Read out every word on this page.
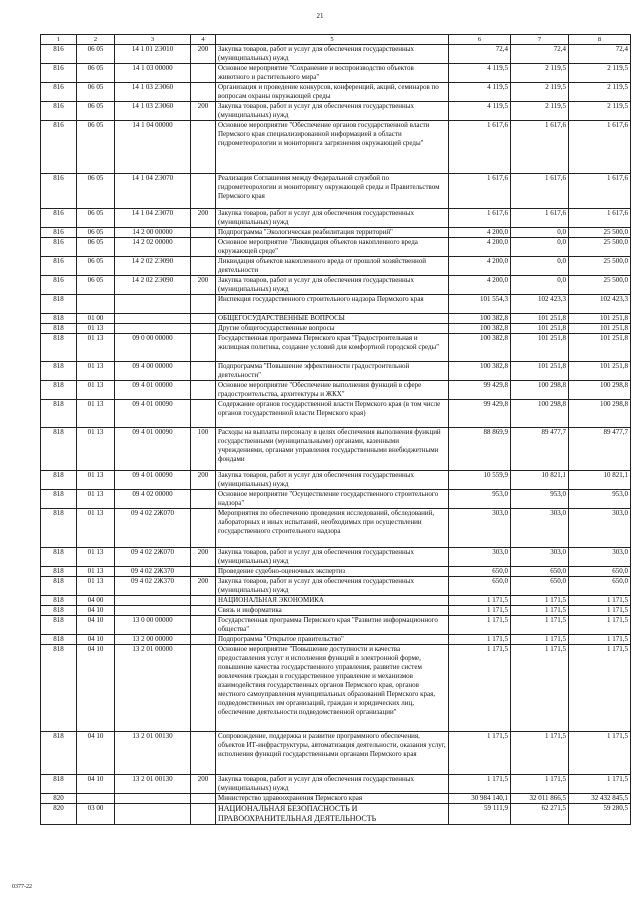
21
1	2	3	4	5	6	7	8
816	06 05	14 1 01 2Э010	200	Закупка товаров, работ и услуг для обеспечения государственных (муниципальных) нужд	72,4	72,4	72,4
816	06 05	14 1 03 00000		Основное мероприятие "Сохранение и воспроизводство объектов животного и растительного мира"	4 119,5	2 119,5	2 119,5
816	06 05	14 1 03 2Э060		Организация и проведение конкурсов, конференций, акций, семинаров по вопросам охраны окружающей среды	4 119,5	2 119,5	2 119,5
816	06 05	14 1 03 2Э060	200	Закупка товаров, работ и услуг для обеспечения государственных (муниципальных) нужд	4 119,5	2 119,5	2 119,5
816	06 05	14 1 04 00000		Основное мероприятие "Обеспечение органов государственной власти Пермского края специализированной информацией в области гидрометеорологии и мониторинга загрязнения окружающей среды"	1 617,6	1 617,6	1 617,6
816	06 05	14 1 04 2Э070		Реализация Соглашения между Федеральной службой по гидрометеорологии и мониторингу окружающей среды и Правительством Пермского края	1 617,6	1 617,6	1 617,6
816	06 05	14 1 04 2Э070	200	Закупка товаров, работ и услуг для обеспечения государственных (муниципальных) нужд	1 617,6	1 617,6	1 617,6
816	06 05	14 2 00 00000		Подпрограмма "Экологическая реабилитация территорий"	4 200,0	0,0	25 500,0
816	06 05	14 2 02 00000		Основное мероприятие "Ликвидация объектов накопленного вреда окружающей среде"	4 200,0	0,0	25 500,0
816	06 05	14 2 02 2Э090		Ликвидация объектов накопленного вреда от прошлой хозяйственной деятельности	4 200,0	0,0	25 500,0
816	06 05	14 2 02 2Э090	200	Закупка товаров, работ и услуг для обеспечения государственных (муниципальных) нужд	4 200,0	0,0	25 500,0
818				Инспекция государственного строительного надзора Пермского края	101 554,3	102 423,3	102 423,3
818	01 00			ОБЩЕГОСУДАРСТВЕННЫЕ ВОПРОСЫ	100 382,8	101 251,8	101 251,8
818	01 13			Другие общегосударственные вопросы	100 382,8	101 251,8	101 251,8
818	01 13	09 0 00 00000		Государственная программа Пермского края "Градостроительная и жилищная политика, создание условий для комфортной городской среды"	100 382,8	101 251,8	101 251,8
818	01 13	09 4 00 00000		Подпрограмма "Повышение эффективности градостроительной деятельности"	100 382,8	101 251,8	101 251,8
818	01 13	09 4 01 00000		Основное мероприятие "Обеспечение выполнения функций в сфере градостроительства, архитектуры и ЖКХ"	99 429,8	100 298,8	100 298,8
818	01 13	09 4 01 00090		Содержание органов государственной власти Пермского края (в том числе органов государственной власти Пермского края)	99 429,8	100 298,8	100 298,8
818	01 13	09 4 01 00090	100	Расходы на выплаты персоналу в целях обеспечения выполнения функций государственными (муниципальными) органами, казенными учреждениями, органами управления государственными внебюджетными фондами	88 869,9	89 477,7	89 477,7
818	01 13	09 4 01 00090	200	Закупка товаров, работ и услуг для обеспечения государственных (муниципальных) нужд	10 559,9	10 821,1	10 821,1
818	01 13	09 4 02 00000		Основное мероприятие "Осуществление государственного строительного надзора"	953,0	953,0	953,0
818	01 13	09 4 02 2Ж070		Мероприятия по обеспечению проведения исследований, обследований, лабораторных и иных испытаний, необходимых при осуществлении государственного строительного надзора	303,0	303,0	303,0
818	01 13	09 4 02 2Ж070	200	Закупка товаров, работ и услуг для обеспечения государственных (муниципальных) нужд	303,0	303,0	303,0
818	01 13	09 4 02 2Ж370		Проведение судебно-оценочных экспертиз	650,0	650,0	650,0
818	01 13	09 4 02 2Ж370	200	Закупка товаров, работ и услуг для обеспечения государственных (муниципальных) нужд	650,0	650,0	650,0
818	04 00			НАЦИОНАЛЬНАЯ ЭКОНОМИКА	1 171,5	1 171,5	1 171,5
818	04 10			Связь и информатика	1 171,5	1 171,5	1 171,5
818	04 10	13 0 00 00000		Государственная программа Пермского края "Развитие информационного общества"	1 171,5	1 171,5	1 171,5
818	04 10	13 2 00 00000		Подпрограмма "Открытое правительство"	1 171,5	1 171,5	1 171,5
818	04 10	13 2 01 00000		Основное мероприятие "Повышение доступности и качества предоставления услуг и исполнения функций в электронной форме, повышение качества государственного управления, развитие систем вовлечения граждан в государственное управление и механизмов взаимодействия государственных органов Пермского края, органов местного самоуправления муниципальных образований Пермского края, подведомственных им организаций, граждан и юридических лиц, обеспечение деятельности подведомственной организации"	1 171,5	1 171,5	1 171,5
818	04 10	13 2 01 00130		Сопровождение, поддержка и развитие программного обеспечения, объектов ИТ-инфраструктуры, автоматизация деятельности, оказания услуг, исполнения функций государственными органами Пермского края	1 171,5	1 171,5	1 171,5
818	04 10	13 2 01 00130	200	Закупка товаров, работ и услуг для обеспечения государственных (муниципальных) нужд	1 171,5	1 171,5	1 171,5
820				Министерство здравоохранения Пермского края	30 984 140,1	32 011 866,5	32 432 845,5
820	03 00			НАЦИОНАЛЬНАЯ БЕЗОПАСНОСТЬ И ПРАВООХРАНИТЕЛЬНАЯ ДЕЯТЕЛЬНОСТЬ	59 111,9	62 271,5	59 280,5
0377-22
